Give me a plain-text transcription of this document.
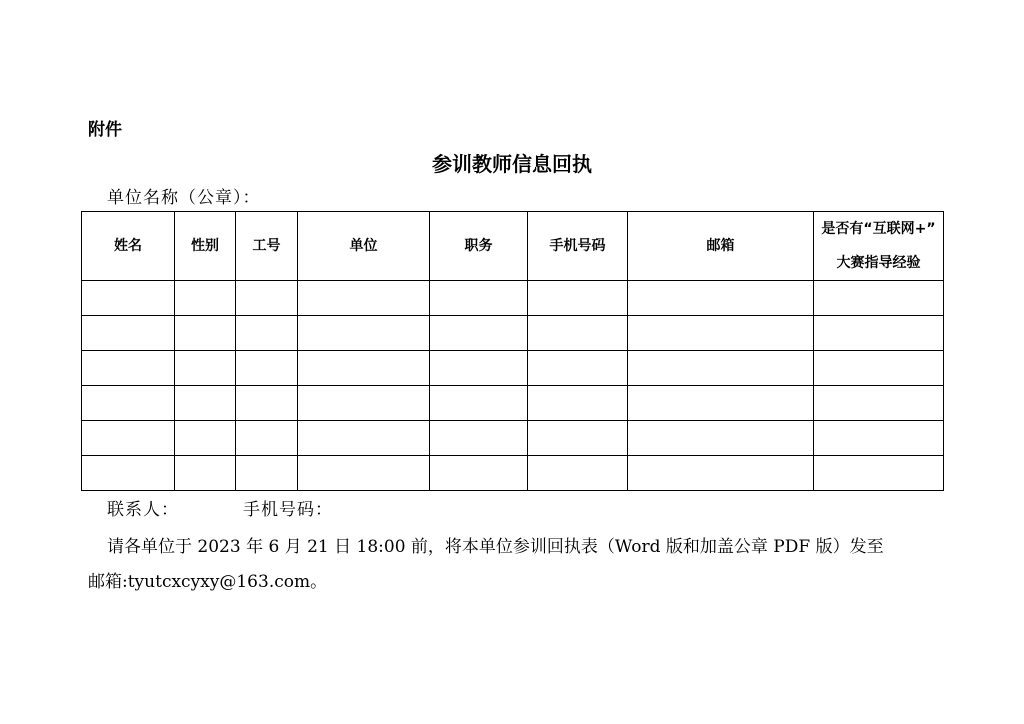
附件
参训教师信息回执
单位名称（公章）：
姓名	性别	工号	单位	职务	手机号码	邮箱	是否有“互联网+”
大赛指导经验

联系人：	手机号码：
请各单位于 2023 年 6 月 21 日 18:00 前，将本单位参训回执表（Word 版和加盖公章 PDF 版）发至
邮箱:tyutcxcyxy@163.com。
